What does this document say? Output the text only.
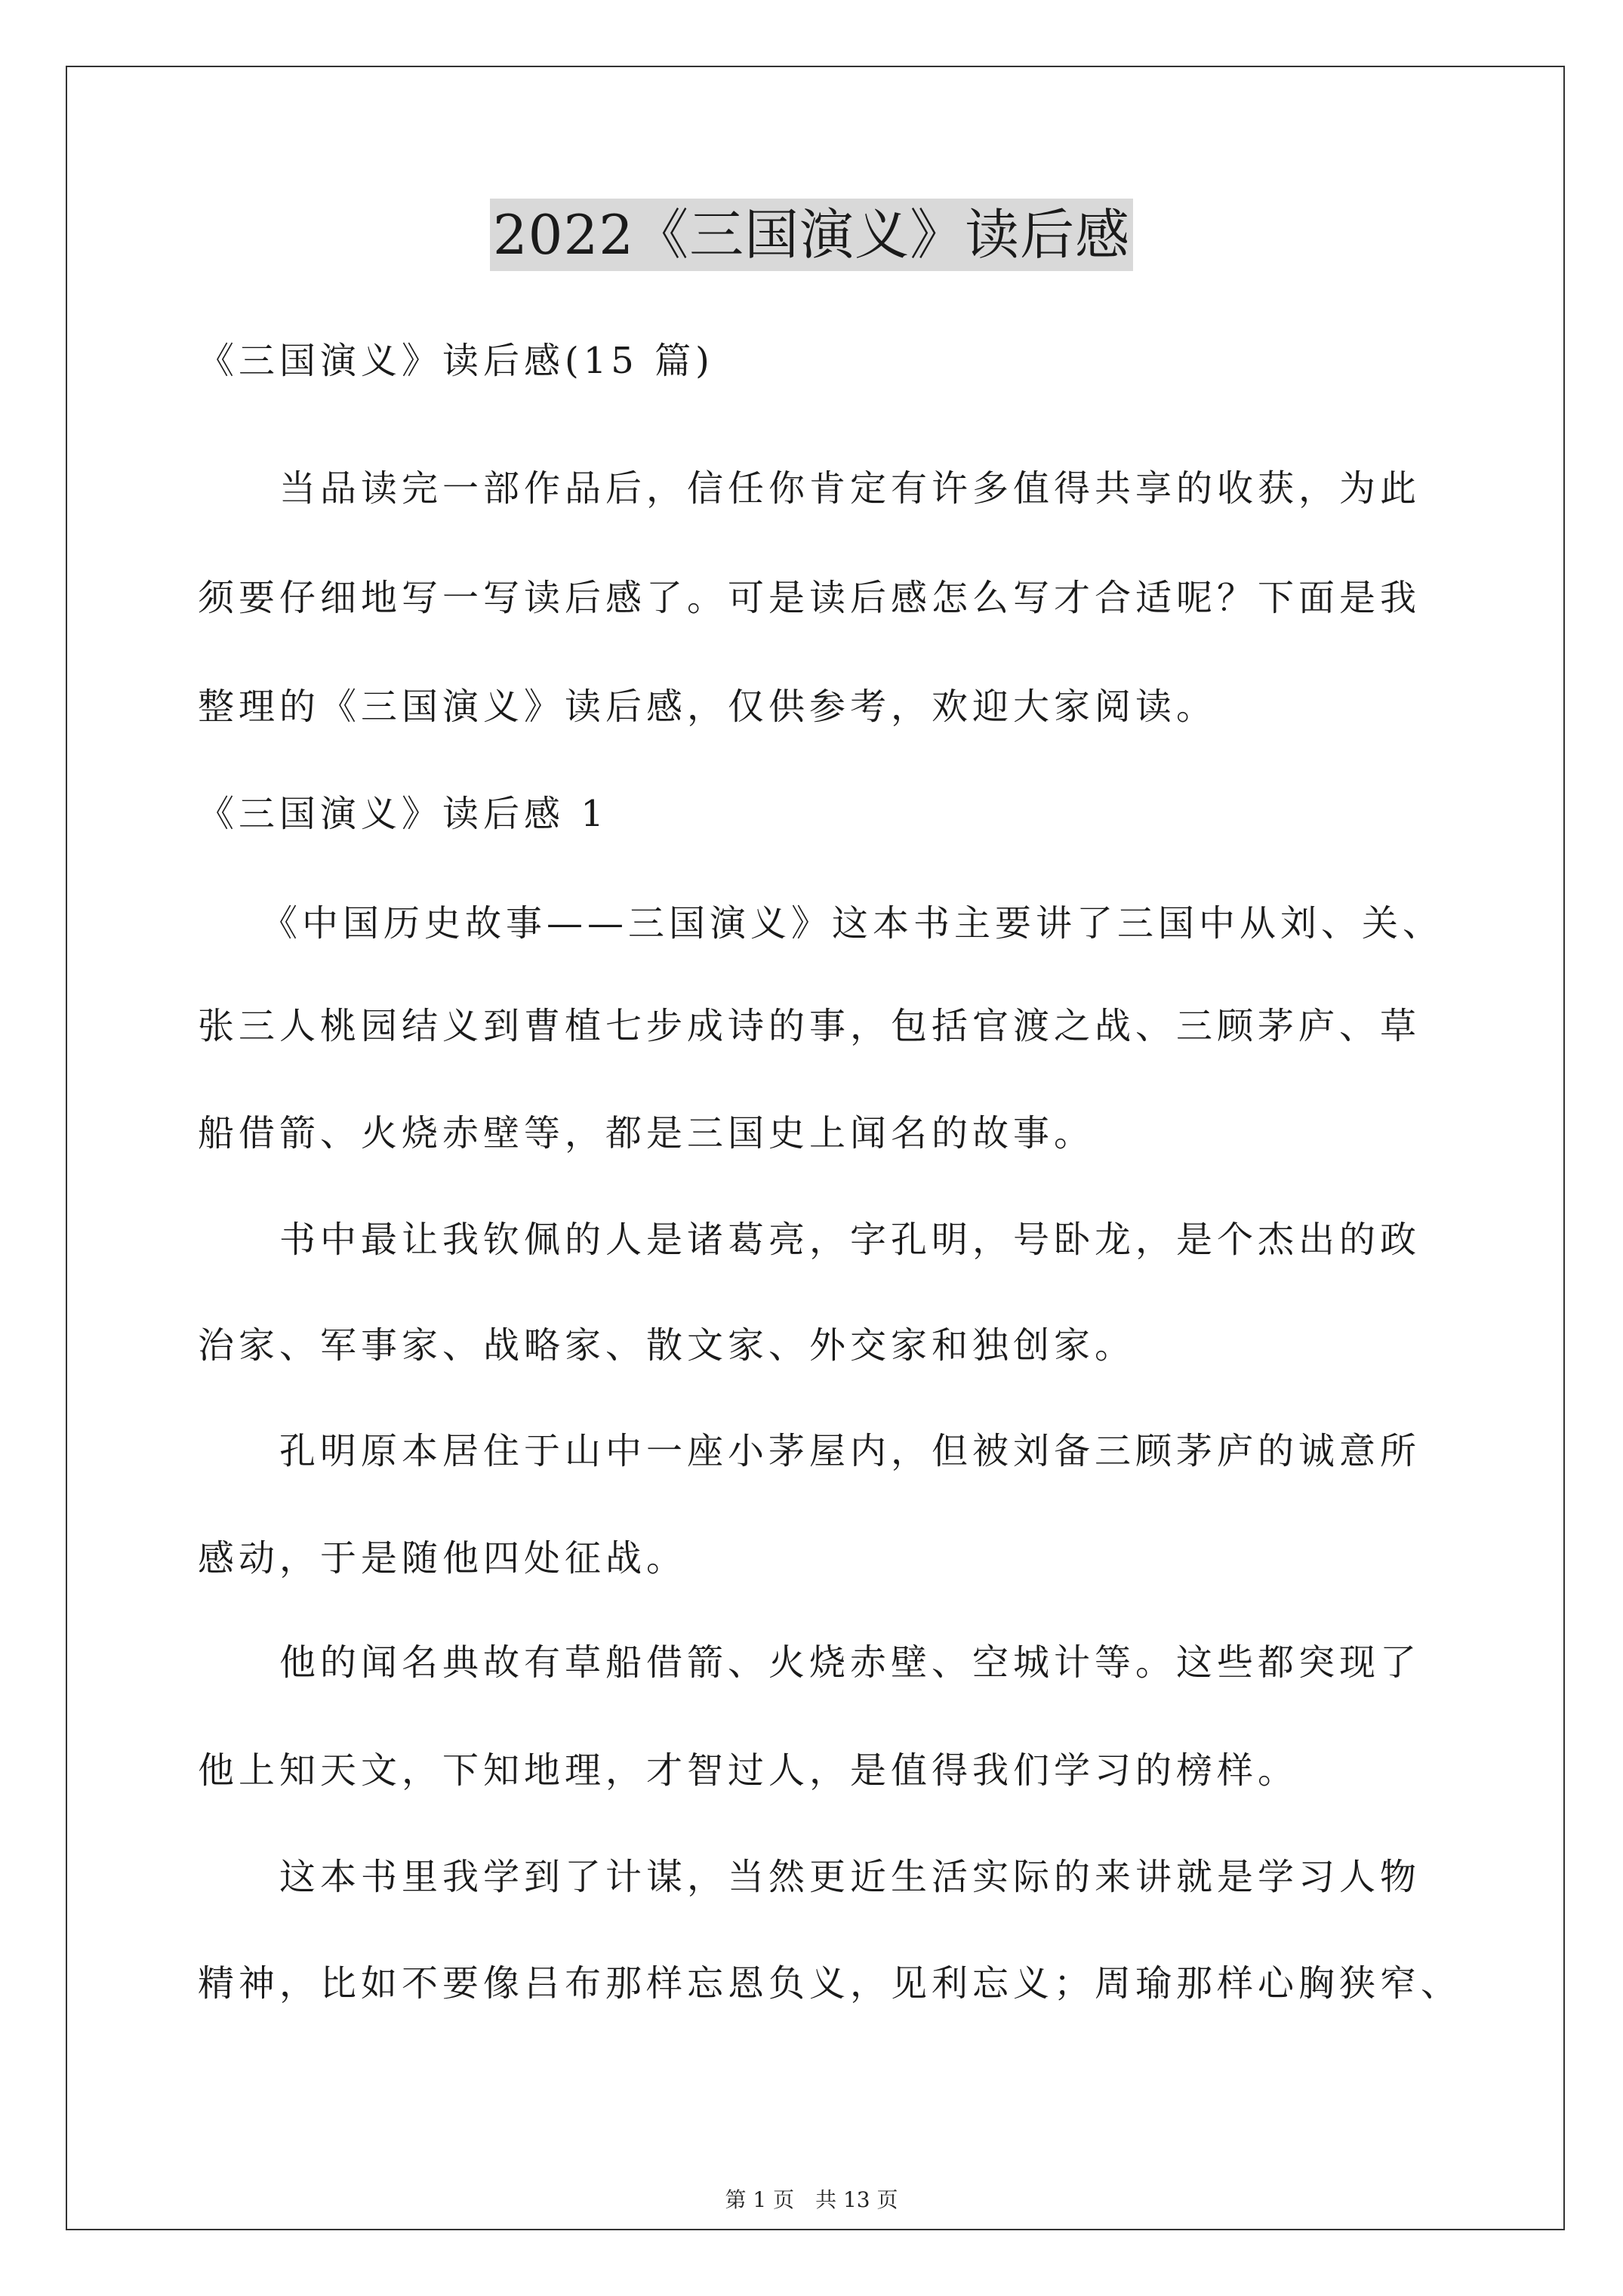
2022《三国演义》读后感
《三国演义》读后感(15 篇)
　　当品读完一部作品后，信任你肯定有许多值得共享的收获，为此
须要仔细地写一写读后感了。可是读后感怎么写才合适呢？下面是我
整理的《三国演义》读后感，仅供参考，欢迎大家阅读。
《三国演义》读后感 1
　　《中国历史故事——三国演义》这本书主要讲了三国中从刘、关、
张三人桃园结义到曹植七步成诗的事，包括官渡之战、三顾茅庐、草
船借箭、火烧赤壁等，都是三国史上闻名的故事。
　　书中最让我钦佩的人是诸葛亮，字孔明，号卧龙，是个杰出的政
治家、军事家、战略家、散文家、外交家和独创家。
　　孔明原本居住于山中一座小茅屋内，但被刘备三顾茅庐的诚意所
感动，于是随他四处征战。
　　他的闻名典故有草船借箭、火烧赤壁、空城计等。这些都突现了
他上知天文，下知地理，才智过人，是值得我们学习的榜样。
　　这本书里我学到了计谋，当然更近生活实际的来讲就是学习人物
精神，比如不要像吕布那样忘恩负义，见利忘义；周瑜那样心胸狭窄、
第 1 页　共 13 页
